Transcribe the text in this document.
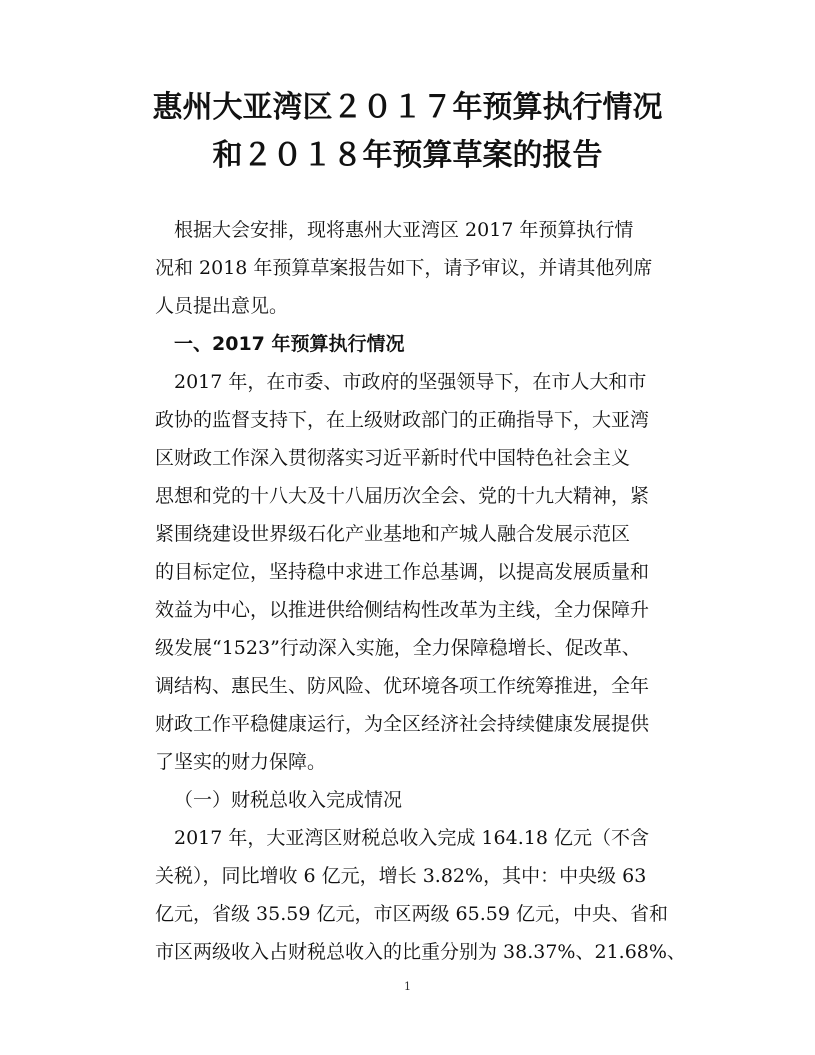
惠州大亚湾区２０１７年预算执行情况
和２０１８年预算草案的报告

根据大会安排，现将惠州大亚湾区 2017 年预算执行情

况和 2018 年预算草案报告如下，请予审议，并请其他列席

人员提出意见。

一、2017 年预算执行情况

2017 年，在市委、市政府的坚强领导下，在市人大和市

政协的监督支持下，在上级财政部门的正确指导下，大亚湾

区财政工作深入贯彻落实习近平新时代中国特色社会主义

思想和党的十八大及十八届历次全会、党的十九大精神，紧

紧围绕建设世界级石化产业基地和产城人融合发展示范区

的目标定位，坚持稳中求进工作总基调，以提高发展质量和

效益为中心，以推进供给侧结构性改革为主线，全力保障升

级发展“1523”行动深入实施，全力保障稳增长、促改革、

调结构、惠民生、防风险、优环境各项工作统筹推进，全年

财政工作平稳健康运行，为全区经济社会持续健康发展提供

了坚实的财力保障。

（一）财税总收入完成情况

2017 年，大亚湾区财税总收入完成 164.18 亿元（不含

关税），同比增收 6 亿元，增长 3.82%，其中：中央级 63

亿元，省级 35.59 亿元，市区两级 65.59 亿元，中央、省和

市区两级收入占财税总收入的比重分别为 38.37%、21.68%、

1
